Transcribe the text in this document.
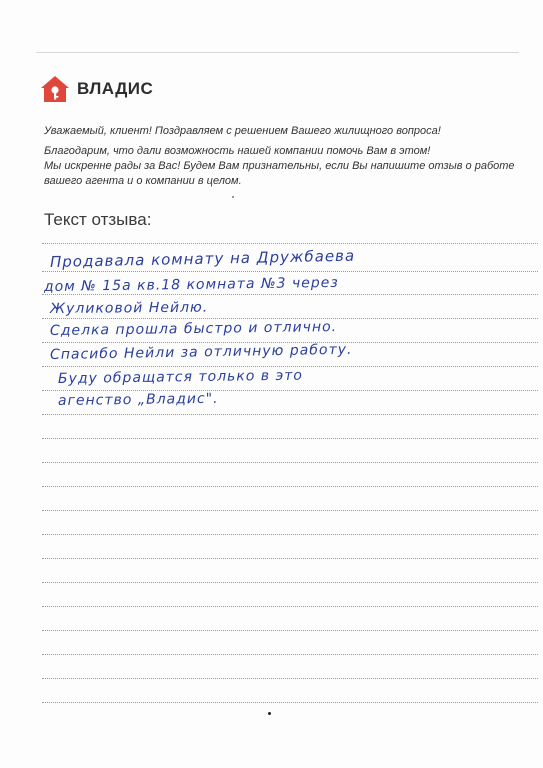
ВЛАДИС

Уважаемый, клиент! Поздравляем с решением Вашего жилищного вопроса!

Благодарим, что дали возможность нашей компании помочь Вам в этом!

Мы искренне рады за Вас! Будем Вам признательны, если Вы напишите отзыв о работе вашего агента и о компании в целом.

Текст отзыва:
Продавала комнату на Дружбаева
дом № 15а кв.18 комната №3 через
Жуликовой Нейлю.
Сделка прошла быстро и отлично.
Спасибо Нейли за отличную работу.
Буду обращатся только в это
агенство „Владис".
